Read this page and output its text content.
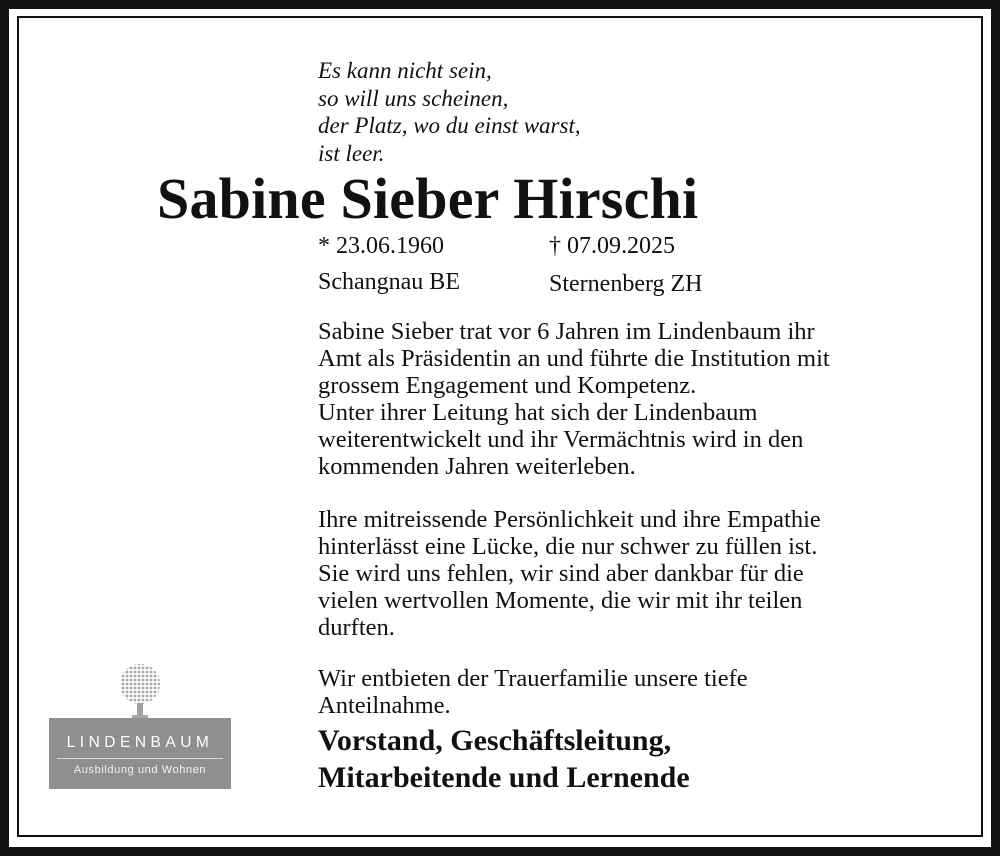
Es kann nicht sein,
so will uns scheinen,
der Platz, wo du einst warst,
ist leer.
Sabine Sieber Hirschi
* 23.06.1960	† 07.09.2025
Schangnau BE	Sternenberg ZH
Sabine Sieber trat vor 6 Jahren im Lindenbaum ihr
Amt als Präsidentin an und führte die Institution mit
grossem Engagement und Kompetenz.
Unter ihrer Leitung hat sich der Lindenbaum
weiterentwickelt und ihr Vermächtnis wird in den
kommenden Jahren weiterleben.
Ihre mitreissende Persönlichkeit und ihre Empathie
hinterlässt eine Lücke, die nur schwer zu füllen ist.
Sie wird uns fehlen, wir sind aber dankbar für die
vielen wertvollen Momente, die wir mit ihr teilen
durften.
Wir entbieten der Trauerfamilie unsere tiefe
Anteilnahme.
Vorstand, Geschäftsleitung,
Mitarbeitende und Lernende
LINDENBAUM
Ausbildung und Wohnen
